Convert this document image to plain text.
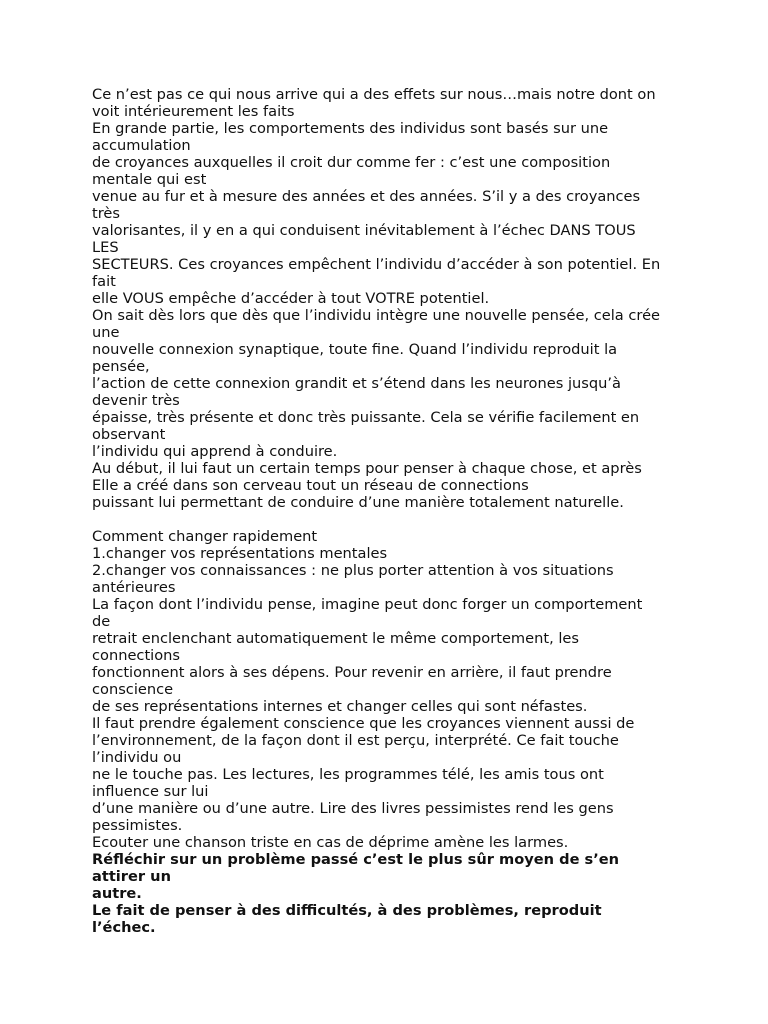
Ce n’est pas ce qui nous arrive qui a des effets sur nous…mais notre dont on
voit intérieurement les faits
En grande partie, les comportements des individus sont basés sur une
accumulation
de croyances auxquelles il croit dur comme fer : c’est une composition
mentale qui est
venue au fur et à mesure des années et des années. S’il y a des croyances
très
valorisantes, il y en a qui conduisent inévitablement à l’échec DANS TOUS
LES
SECTEURS. Ces croyances empêchent l’individu d’accéder à son potentiel. En
fait
elle VOUS empêche d’accéder à tout VOTRE potentiel.
On sait dès lors que dès que l’individu intègre une nouvelle pensée, cela crée
une
nouvelle connexion synaptique, toute fine. Quand l’individu reproduit la
pensée,
l’action de cette connexion grandit et s’étend dans les neurones jusqu’à
devenir très
épaisse, très présente et donc très puissante. Cela se vérifie facilement en
observant
l’individu qui apprend à conduire.
Au début, il lui faut un certain temps pour penser à chaque chose, et après
Elle a créé dans son cerveau tout un réseau de connections
puissant lui permettant de conduire d’une manière totalement naturelle.
Comment changer rapidement
1.changer vos représentations mentales
2.changer vos connaissances : ne plus porter attention à vos situations
antérieures
La façon dont l’individu pense, imagine peut donc forger un comportement
de
retrait enclenchant automatiquement le même comportement, les
connections
fonctionnent alors à ses dépens. Pour revenir en arrière, il faut prendre
conscience
de ses représentations internes et changer celles qui sont néfastes.
Il faut prendre également conscience que les croyances viennent aussi de
l’environnement, de la façon dont il est perçu, interprété. Ce fait touche
l’individu ou
ne le touche pas. Les lectures, les programmes télé, les amis tous ont
influence sur lui
d’une manière ou d’une autre. Lire des livres pessimistes rend les gens
pessimistes.
Ecouter une chanson triste en cas de déprime amène les larmes.
Réfléchir sur un problème passé c’est le plus sûr moyen de s’en
attirer un
autre.
Le fait de penser à des difficultés, à des problèmes, reproduit
l’échec.
